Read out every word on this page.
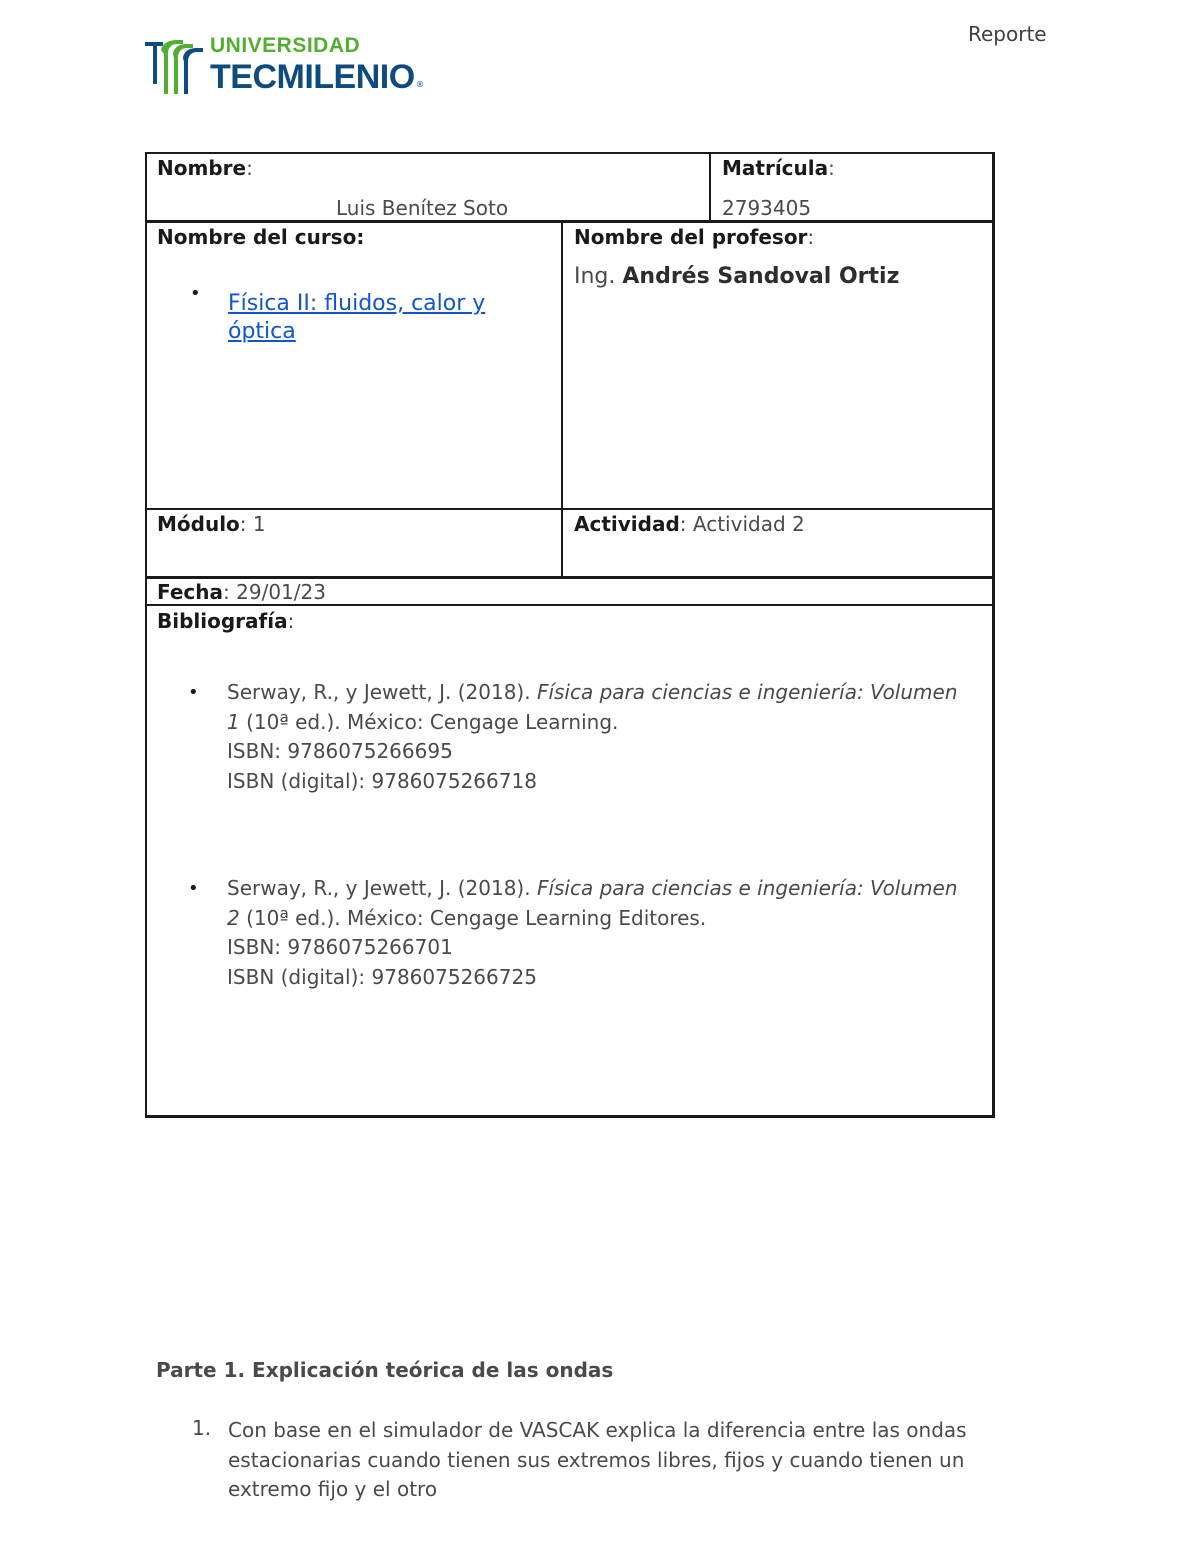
Reporte
UNIVERSIDAD
TECMILENIO ®
Nombre:
Luis Benítez Soto
Matrícula:
2793405
Nombre del curso:
• Física II: fluidos, calor y
óptica
Nombre del profesor:
Ing. Andrés Sandoval Ortiz
Módulo: 1	Actividad: Actividad 2
Fecha: 29/01/23
Bibliografía:
• Serway, R., y Jewett, J. (2018). Física para ciencias e ingeniería: Volumen
1 (10ª ed.). México: Cengage Learning.
ISBN: 9786075266695
ISBN (digital): 9786075266718
• Serway, R., y Jewett, J. (2018). Física para ciencias e ingeniería: Volumen
2 (10ª ed.). México: Cengage Learning Editores.
ISBN: 9786075266701
ISBN (digital): 9786075266725
Parte 1. Explicación teórica de las ondas
1. Con base en el simulador de VASCAK explica la diferencia entre las ondas estacionarias cuando tienen sus extremos libres, fijos y cuando tienen un extremo fijo y el otro
